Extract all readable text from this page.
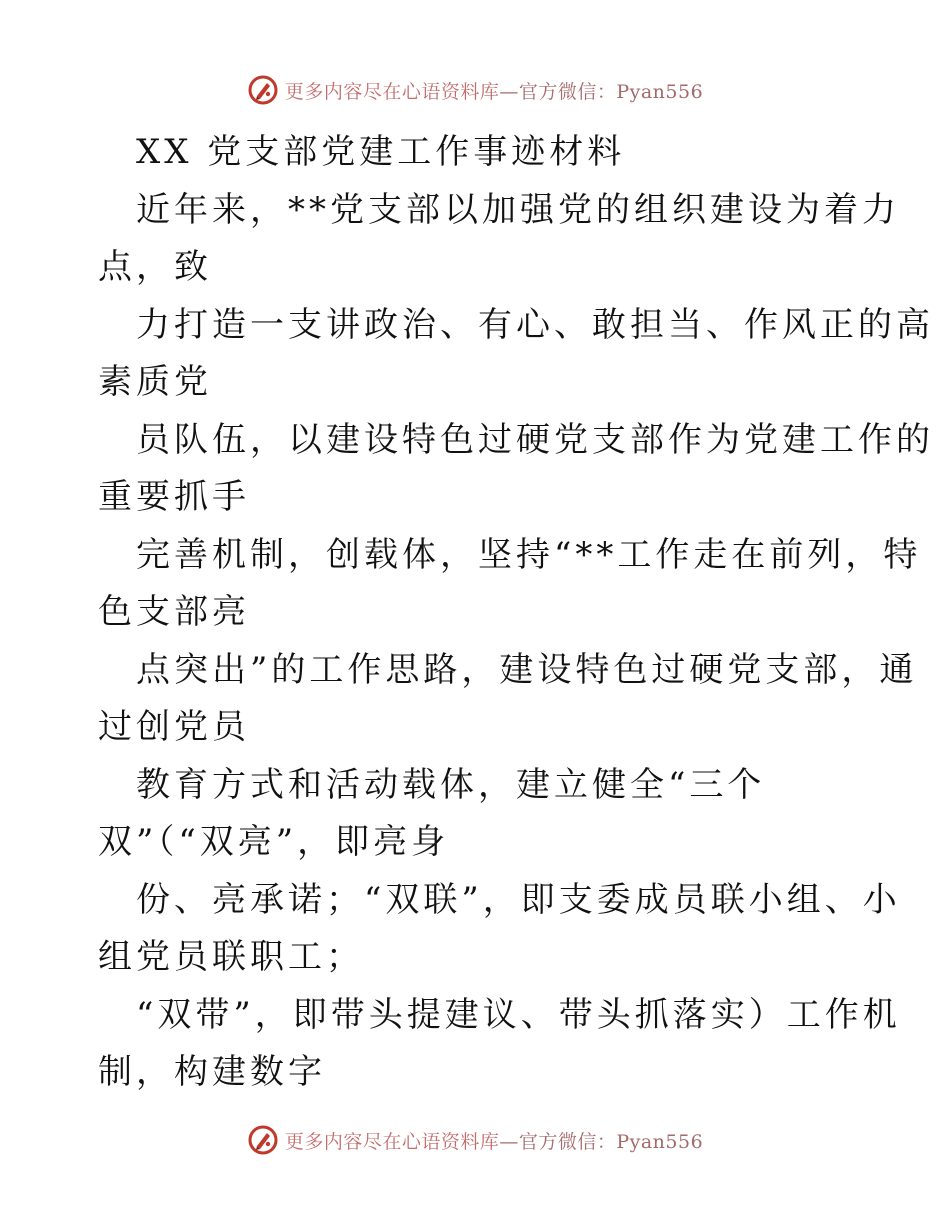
更多内容尽在心语资料库—官方微信：Pyan556
XX 党支部党建工作事迹材料
近年来，**党支部以加强党的组织建设为着力
点，致
力打造一支讲政治、有心、敢担当、作风正的高
素质党
员队伍，以建设特色过硬党支部作为党建工作的
重要抓手
完善机制，创载体，坚持“**工作走在前列，特
色支部亮
点突出”的工作思路，建设特色过硬党支部，通
过创党员
教育方式和活动载体，建立健全“三个
双”（“双亮”，即亮身
份、亮承诺；“双联”，即支委成员联小组、小
组党员联职工；
“双带”，即带头提建议、带头抓落实）工作机
制，构建数字
更多内容尽在心语资料库—官方微信：Pyan556
